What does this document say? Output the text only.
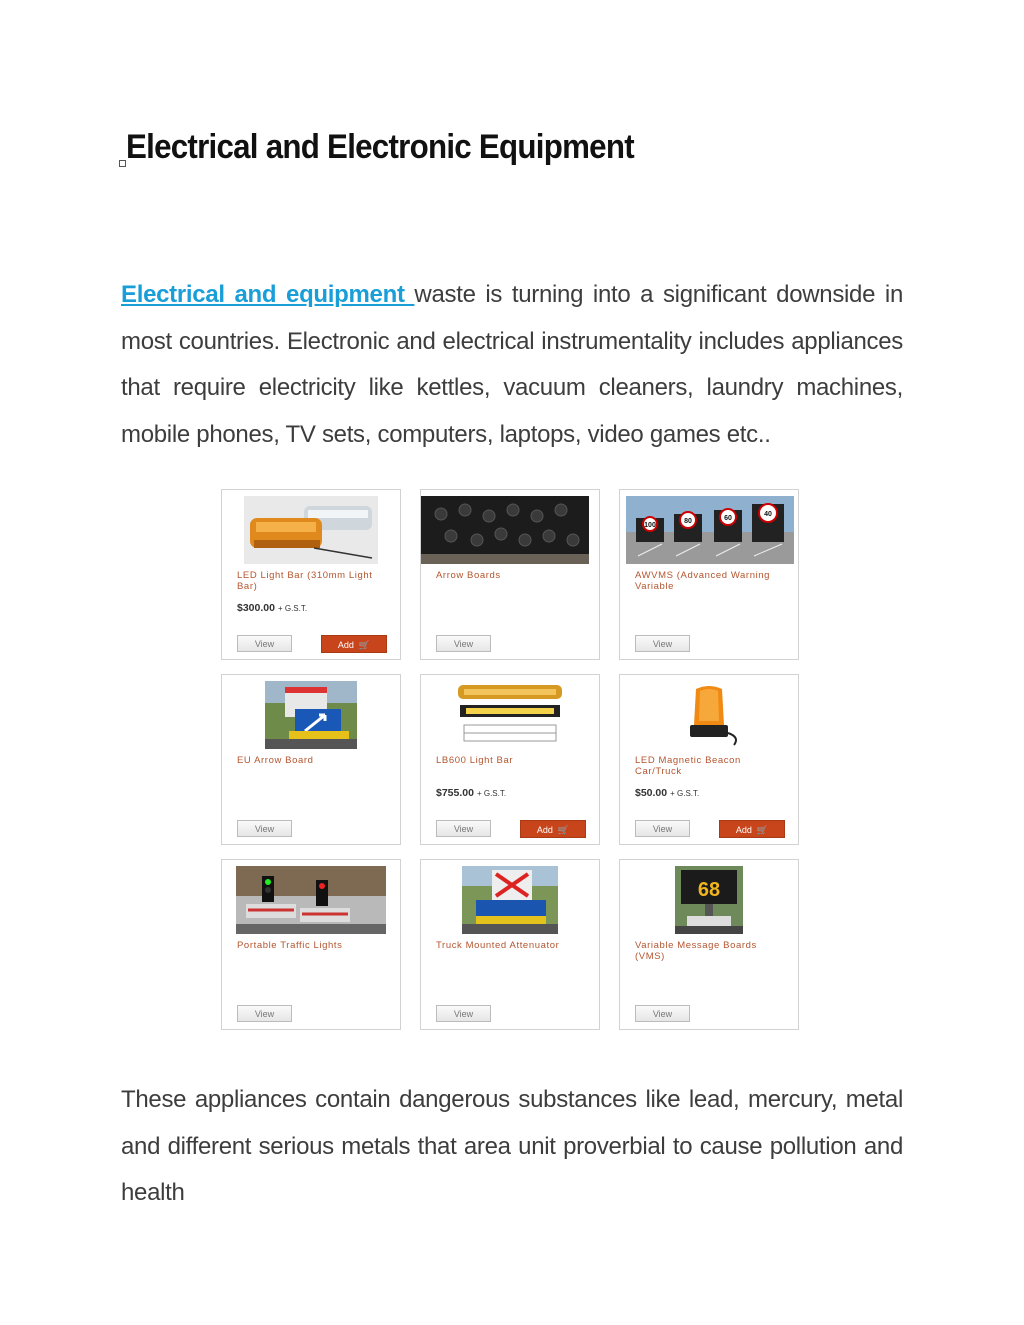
Electrical and Electronic Equipment

Electrical and equipment waste is turning into a significant downside in most countries. Electronic and electrical instrumentality includes appliances that require electricity like kettles, vacuum cleaners, laundry machines, mobile phones, TV sets, computers, laptops, video games etc..

LED Light Bar (310mm Light Bar)
$300.00 + G.S.T.
View	Add 🛒
Arrow Boards
View
100
80	60
40
AWVMS (Advanced Warning Variable
View
EU Arrow Board
View
LB600 Light Bar
$755.00 + G.S.T.
View	Add 🛒
LED Magnetic Beacon Car/Truck
$50.00 + G.S.T.
View	Add 🛒
Portable Traffic Lights
View
Truck Mounted Attenuator
View
68
Variable Message Boards (VMS)
View

These appliances contain dangerous substances like lead, mercury, metal and different serious metals that area unit proverbial to cause pollution and health
